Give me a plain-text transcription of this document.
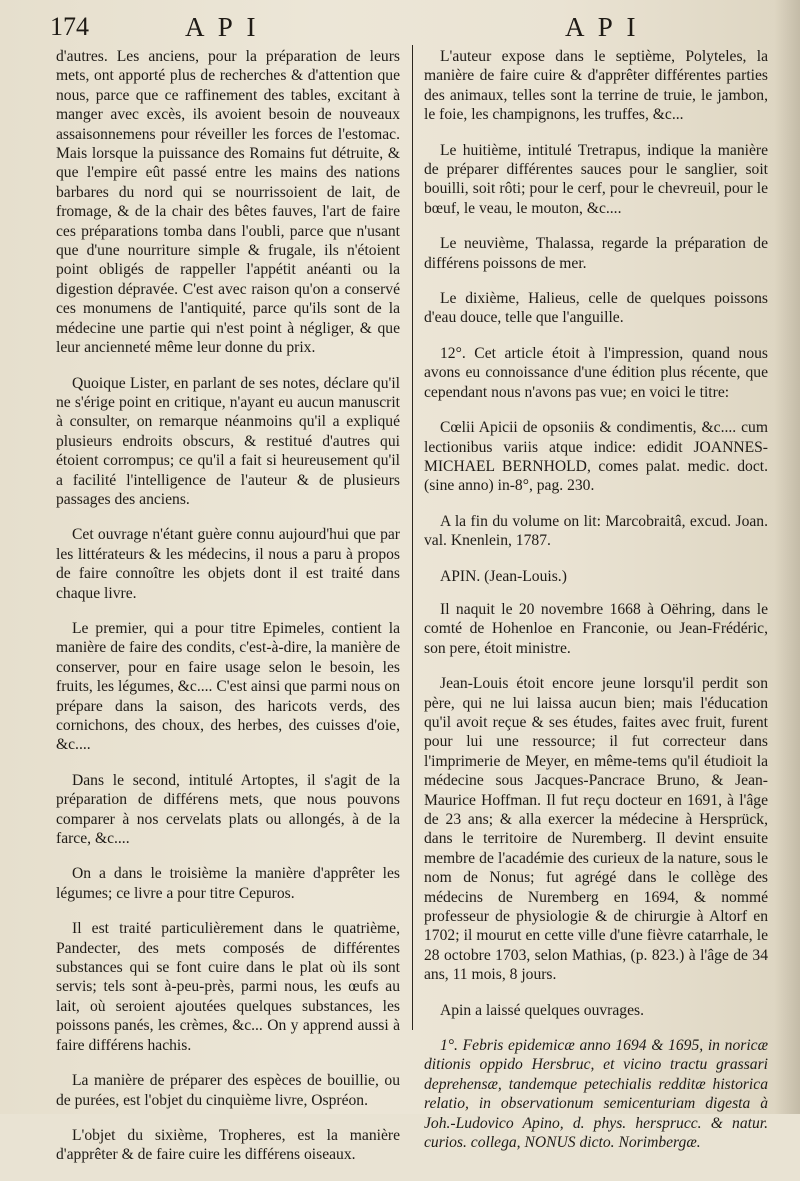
174	A P I	A P I

d'autres. Les anciens, pour la préparation de leurs mets, ont apporté plus de recherches & d'attention que nous, parce que ce raffinement des tables, excitant à manger avec excès, ils avoient besoin de nouveaux assaisonnemens pour réveiller les forces de l'estomac. Mais lorsque la puissance des Romains fut détruite, & que l'empire eût passé entre les mains des nations barbares du nord qui se nourrissoient de lait, de fromage, & de la chair des bêtes fauves, l'art de faire ces préparations tomba dans l'oubli, parce que n'usant que d'une nourriture simple & frugale, ils n'étoient point obligés de rappeller l'appétit anéanti ou la digestion dépravée. C'est avec raison qu'on a conservé ces monumens de l'antiquité, parce qu'ils sont de la médecine une partie qui n'est point à négliger, & que leur ancienneté même leur donne du prix.

Quoique Lister, en parlant de ses notes, déclare qu'il ne s'érige point en critique, n'ayant eu aucun manuscrit à consulter, on remarque néanmoins qu'il a expliqué plusieurs endroits obscurs, & restitué d'autres qui étoient corrompus; ce qu'il a fait si heureusement qu'il a facilité l'intelligence de l'auteur & de plusieurs passages des anciens.

Cet ouvrage n'étant guère connu aujourd'hui que par les littérateurs & les médecins, il nous a paru à propos de faire connoître les objets dont il est traité dans chaque livre.

Le premier, qui a pour titre Epimeles, contient la manière de faire des condits, c'est-à-dire, la manière de conserver, pour en faire usage selon le besoin, les fruits, les légumes, &c.... C'est ainsi que parmi nous on prépare dans la saison, des haricots verds, des cornichons, des choux, des herbes, des cuisses d'oie, &c....

Dans le second, intitulé Artoptes, il s'agit de la préparation de différens mets, que nous pouvons comparer à nos cervelats plats ou allongés, à de la farce, &c....

On a dans le troisième la manière d'apprêter les légumes; ce livre a pour titre Cepuros.

Il est traité particulièrement dans le quatrième, Pandecter, des mets composés de différentes substances qui se font cuire dans le plat où ils sont servis; tels sont à-peu-près, parmi nous, les œufs au lait, où seroient ajoutées quelques substances, les poissons panés, les crèmes, &c... On y apprend aussi à faire différens hachis.

La manière de préparer des espèces de bouillie, ou de purées, est l'objet du cinquième livre, Ospréon.

L'objet du sixième, Tropheres, est la manière d'apprêter & de faire cuire les différens oiseaux.

L'auteur expose dans le septième, Polyteles, la manière de faire cuire & d'apprêter différentes parties des animaux, telles sont la terrine de truie, le jambon, le foie, les champignons, les truffes, &c...

Le huitième, intitulé Tretrapus, indique la manière de préparer différentes sauces pour le sanglier, soit bouilli, soit rôti; pour le cerf, pour le chevreuil, pour le bœuf, le veau, le mouton, &c....

Le neuvième, Thalassa, regarde la préparation de différens poissons de mer.

Le dixième, Halieus, celle de quelques poissons d'eau douce, telle que l'anguille.

12°. Cet article étoit à l'impression, quand nous avons eu connoissance d'une édition plus récente, que cependant nous n'avons pas vue; en voici le titre:

Cœlii Apicii de opsoniis & condimentis, &c.... cum lectionibus variis atque indice: edidit JOANNES-MICHAEL BERNHOLD, comes palat. medic. doct. (sine anno) in-8°, pag. 230.

A la fin du volume on lit: Marcobraitâ, excud. Joan. val. Knenlein, 1787.

APIN. (Jean-Louis.)

Il naquit le 20 novembre 1668 à Oëhring, dans le comté de Hohenloe en Franconie, ou Jean-Frédéric, son pere, étoit ministre.

Jean-Louis étoit encore jeune lorsqu'il perdit son père, qui ne lui laissa aucun bien; mais l'éducation qu'il avoit reçue & ses études, faites avec fruit, furent pour lui une ressource; il fut correcteur dans l'imprimerie de Meyer, en même-tems qu'il étudioit la médecine sous Jacques-Pancrace Bruno, & Jean-Maurice Hoffman. Il fut reçu docteur en 1691, à l'âge de 23 ans; & alla exercer la médecine à Hersprück, dans le territoire de Nuremberg. Il devint ensuite membre de l'académie des curieux de la nature, sous le nom de Nonus; fut agrégé dans le collège des médecins de Nuremberg en 1694, & nommé professeur de physiologie & de chirurgie à Altorf en 1702; il mourut en cette ville d'une fièvre catarrhale, le 28 octobre 1703, selon Mathias, (p. 823.) à l'âge de 34 ans, 11 mois, 8 jours.

Apin a laissé quelques ouvrages.

1°. Febris epidemicæ anno 1694 & 1695, in noricæ ditionis oppido Hersbruc, et vicino tractu grassari deprehensæ, tandemque petechialis redditæ historica relatio, in observationum semicenturiam digesta à Joh.-Ludovico Apino, d. phys. hersprucc. & natur. curios. collega, NONUS dicto. Norimbergæ.
